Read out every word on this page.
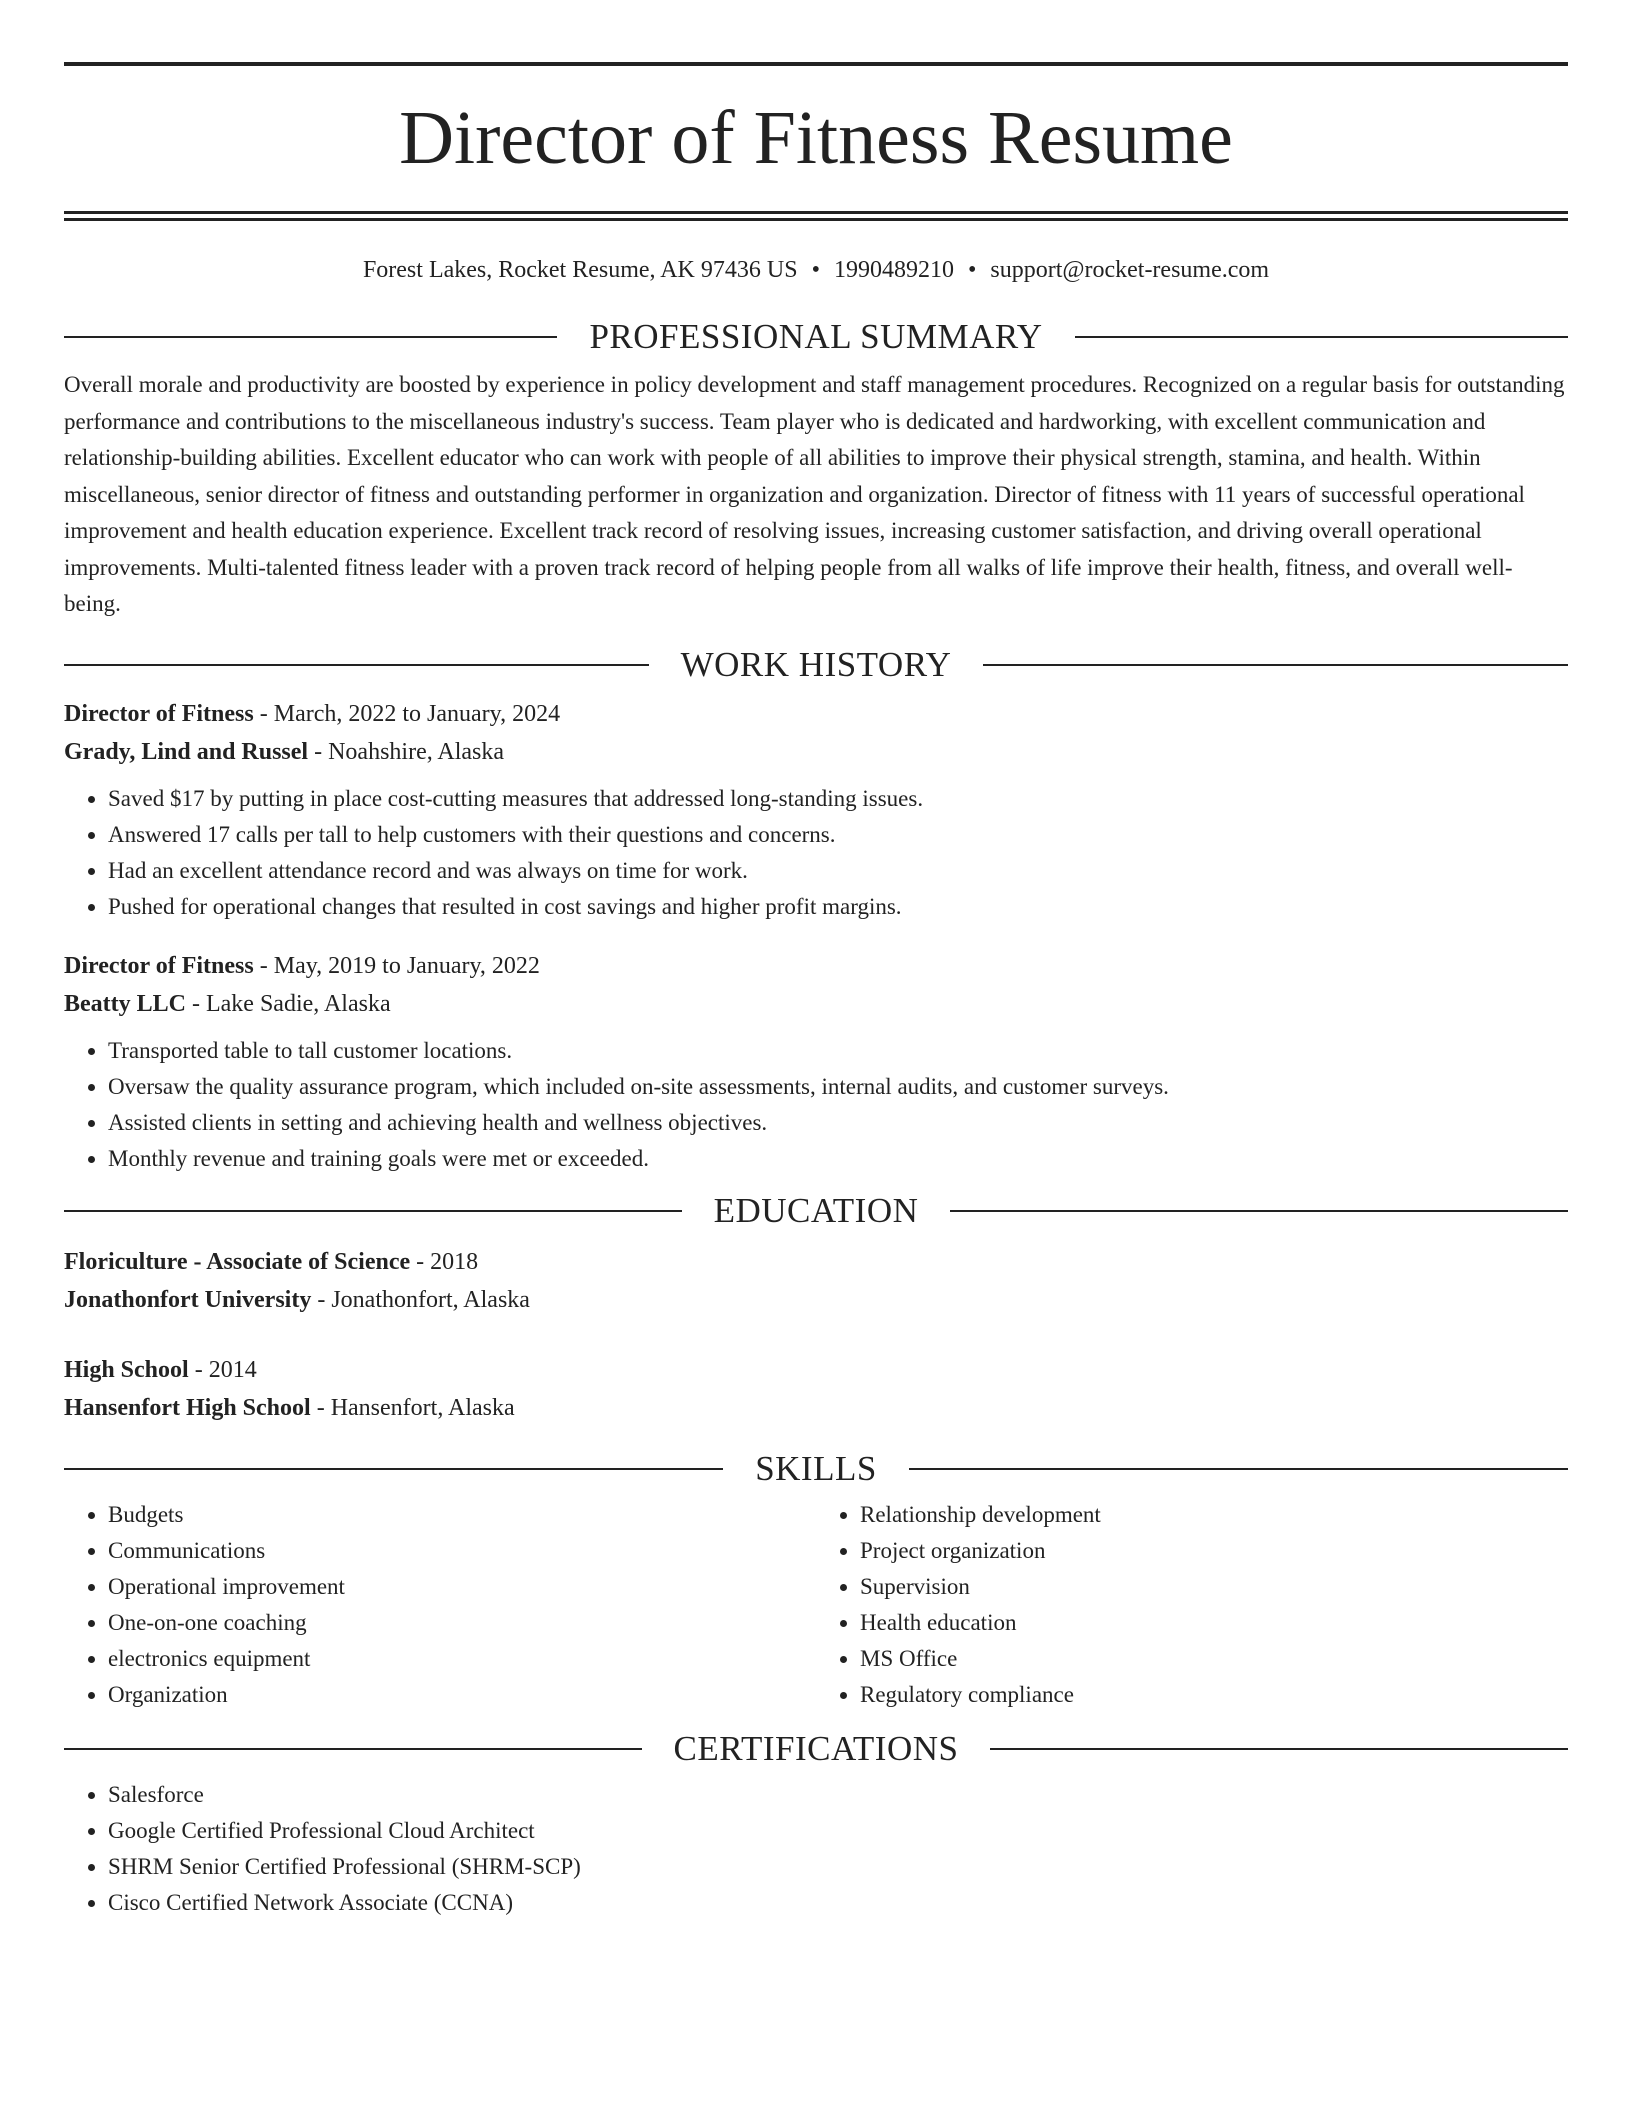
Director of Fitness Resume
Forest Lakes, Rocket Resume, AK 97436 US • 1990489210 • support@rocket-resume.com
PROFESSIONAL SUMMARY
Overall morale and productivity are boosted by experience in policy development and staff management procedures. Recognized on a regular basis for outstanding performance and contributions to the miscellaneous industry's success. Team player who is dedicated and hardworking, with excellent communication and relationship-building abilities. Excellent educator who can work with people of all abilities to improve their physical strength, stamina, and health. Within miscellaneous, senior director of fitness and outstanding performer in organization and organization. Director of fitness with 11 years of successful operational improvement and health education experience. Excellent track record of resolving issues, increasing customer satisfaction, and driving overall operational improvements. Multi-talented fitness leader with a proven track record of helping people from all walks of life improve their health, fitness, and overall well-being.
WORK HISTORY
Director of Fitness - March, 2022 to January, 2024
Grady, Lind and Russel - Noahshire, Alaska
• Saved $17 by putting in place cost-cutting measures that addressed long-standing issues.
• Answered 17 calls per tall to help customers with their questions and concerns.
• Had an excellent attendance record and was always on time for work.
• Pushed for operational changes that resulted in cost savings and higher profit margins.
Director of Fitness - May, 2019 to January, 2022
Beatty LLC - Lake Sadie, Alaska
• Transported table to tall customer locations.
• Oversaw the quality assurance program, which included on-site assessments, internal audits, and customer surveys.
• Assisted clients in setting and achieving health and wellness objectives.
• Monthly revenue and training goals were met or exceeded.
EDUCATION
Floriculture - Associate of Science - 2018
Jonathonfort University - Jonathonfort, Alaska
High School - 2014
Hansenfort High School - Hansenfort, Alaska
SKILLS
• Budgets
• Communications
• Operational improvement
• One-on-one coaching
• electronics equipment
• Organization
• Relationship development
• Project organization
• Supervision
• Health education
• MS Office
• Regulatory compliance
CERTIFICATIONS
• Salesforce
• Google Certified Professional Cloud Architect
• SHRM Senior Certified Professional (SHRM-SCP)
• Cisco Certified Network Associate (CCNA)
